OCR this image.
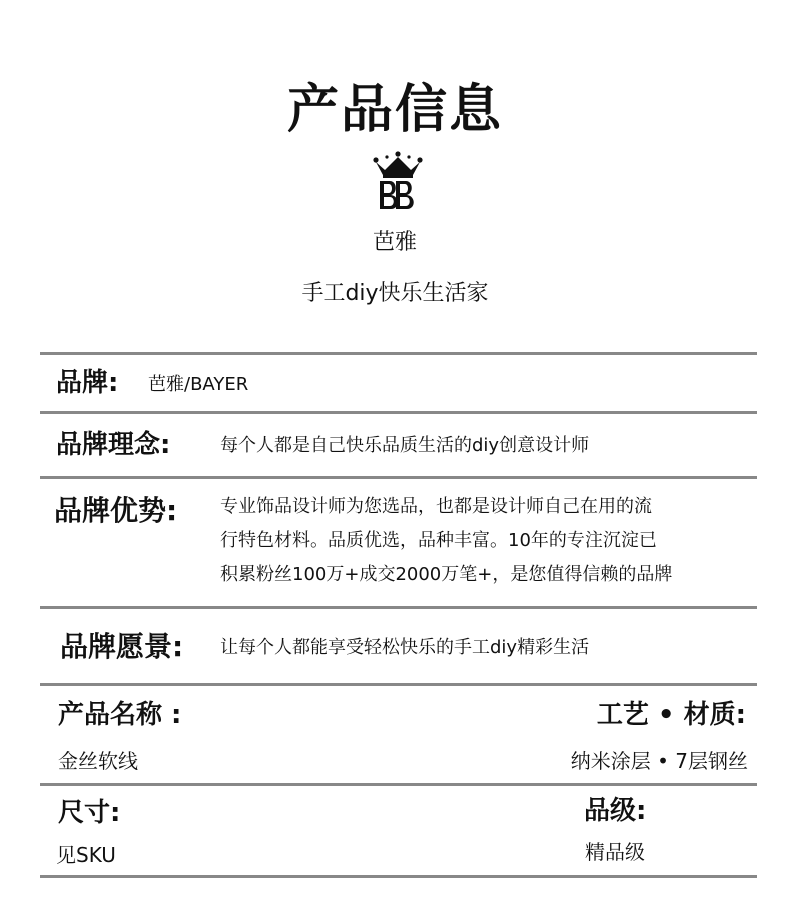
产品信息
芭雅
手工diy快乐生活家
品牌: 芭雅/BAYER
品牌理念:	每个人都是自己快乐品质生活的diy创意设计师
品牌优势: 专业饰品设计师为您选品，也都是设计师自己在用的流
行特色材料。品质优选，品种丰富。10年的专注沉淀已
积累粉丝100万+成交2000万笔+，是您值得信赖的品牌
品牌愿景: 让每个人都能享受轻松快乐的手工diy精彩生活
产品名称 :
金丝软线
工艺 • 材质:
纳米涂层 • 7层钢丝
尺寸:
见SKU
品级:
精品级
